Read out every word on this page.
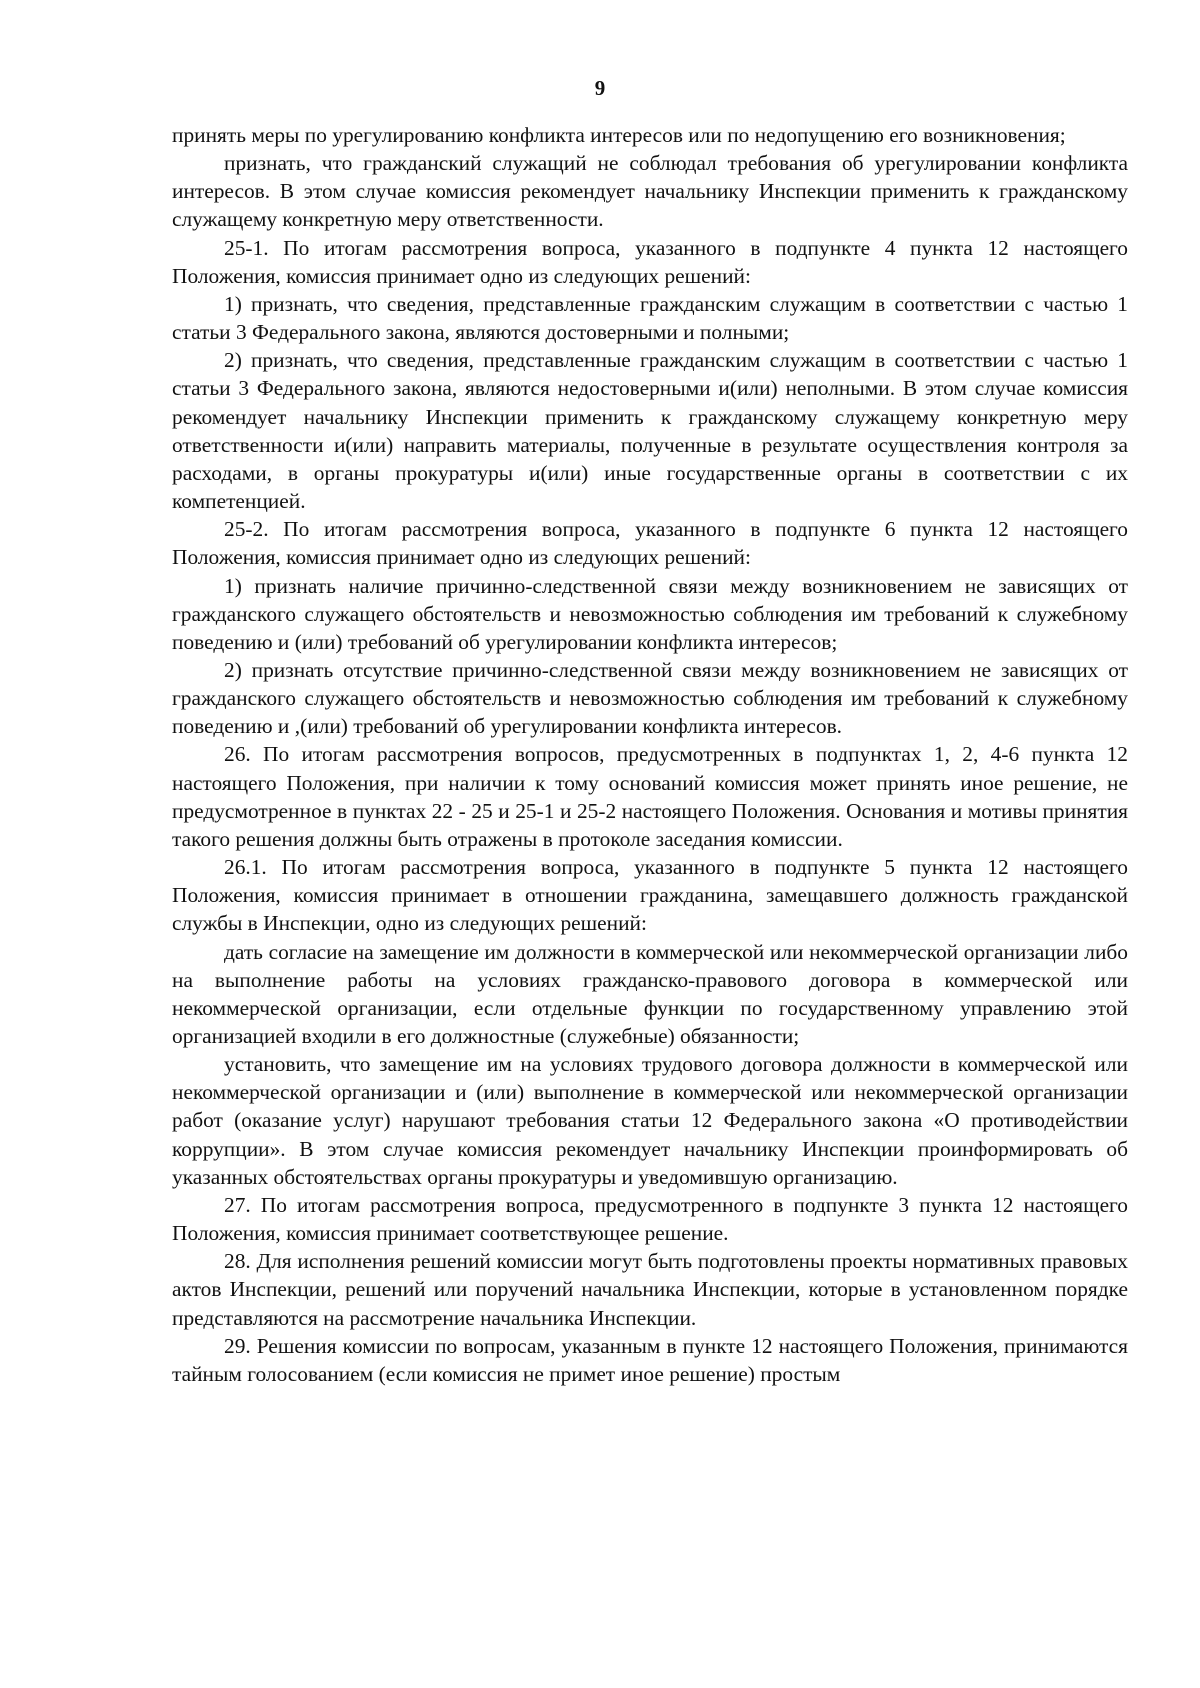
9

принять меры по урегулированию конфликта интересов или по недопущению его возникновения;

признать, что гражданский служащий не соблюдал требования об урегулировании конфликта интересов. В этом случае комиссия рекомендует начальнику Инспекции применить к гражданскому служащему конкретную меру ответственности.

25-1. По итогам рассмотрения вопроса, указанного в подпункте 4 пункта 12 настоящего Положения, комиссия принимает одно из следующих решений:

1) признать, что сведения, представленные гражданским служащим в соответствии с частью 1 статьи 3 Федерального закона, являются достоверными и полными;

2) признать, что сведения, представленные гражданским служащим в соответствии с частью 1 статьи 3 Федерального закона, являются недостоверными и(или) неполными. В этом случае комиссия рекомендует начальнику Инспекции применить к гражданскому служащему конкретную меру ответственности и(или) направить материалы, полученные в результате осуществления контроля за расходами, в органы прокуратуры и(или) иные государственные органы в соответствии с их компетенцией.

25-2. По итогам рассмотрения вопроса, указанного в подпункте 6 пункта 12 настоящего Положения, комиссия принимает одно из следующих решений:

1) признать наличие причинно-следственной связи между возникновением не зависящих от гражданского служащего обстоятельств и невозможностью соблюдения им требований к служебному поведению и (или) требований об урегулировании конфликта интересов;

2) признать отсутствие причинно-следственной связи между возникновением не зависящих от гражданского служащего обстоятельств и невозможностью соблюдения им требований к служебному поведению и ,(или) требований об урегулировании конфликта интересов.

26. По итогам рассмотрения вопросов, предусмотренных в подпунктах 1, 2, 4-6 пункта 12 настоящего Положения, при наличии к тому оснований комиссия может принять иное решение, не предусмотренное в пунктах 22 - 25 и 25-1 и 25-2 настоящего Положения. Основания и мотивы принятия такого решения должны быть отражены в протоколе заседания комиссии.

26.1. По итогам рассмотрения вопроса, указанного в подпункте 5 пункта 12 настоящего Положения, комиссия принимает в отношении гражданина, замещавшего должность гражданской службы в Инспекции, одно из следующих решений:

дать согласие на замещение им должности в коммерческой или некоммерческой организации либо на выполнение работы на условиях гражданско-правового договора в коммерческой или некоммерческой организации, если отдельные функции по государственному управлению этой организацией входили в его должностные (служебные) обязанности;

установить, что замещение им на условиях трудового договора должности в коммерческой или некоммерческой организации и (или) выполнение в коммерческой или некоммерческой организации работ (оказание услуг) нарушают требования статьи 12 Федерального закона «О противодействии коррупции». В этом случае комиссия рекомендует начальнику Инспекции проинформировать об указанных обстоятельствах органы прокуратуры и уведомившую организацию.

27. По итогам рассмотрения вопроса, предусмотренного в подпункте 3 пункта 12 настоящего Положения, комиссия принимает соответствующее решение.

28. Для исполнения решений комиссии могут быть подготовлены проекты нормативных правовых актов Инспекции, решений или поручений начальника Инспекции, которые в установленном порядке представляются на рассмотрение начальника Инспекции.

29. Решения комиссии по вопросам, указанным в пункте 12 настоящего Положения, принимаются тайным голосованием (если комиссия не примет иное решение) простым
